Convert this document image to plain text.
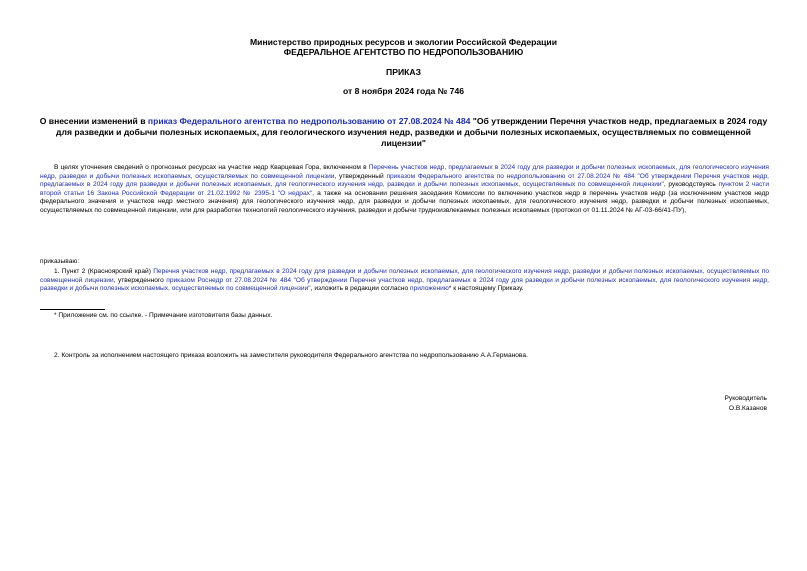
Министерство природных ресурсов и экологии Российской Федерации
ФЕДЕРАЛЬНОЕ АГЕНТСТВО ПО НЕДРОПОЛЬЗОВАНИЮ
ПРИКАЗ
от 8 ноября 2024 года № 746
О внесении изменений в приказ Федерального агентства по недропользованию от 27.08.2024 № 484 "Об утверждении Перечня участков недр, предлагаемых в 2024 году для разведки и добычи полезных ископаемых, для геологического изучения недр, разведки и добычи полезных ископаемых, осуществляемых по совмещенной лицензии"
В целях уточнения сведений о прогнозных ресурсах на участке недр Кварцевая Гора, включенном в Перечень участков недр, предлагаемых в 2024 году для разведки и добычи полезных ископаемых, для геологического изучения недр, разведки и добычи полезных ископаемых, осуществляемых по совмещенной лицензии, утвержденный приказом Федерального агентства по недропользованию от 27.08.2024 № 484 "Об утверждении Перечня участков недр, предлагаемых в 2024 году для разведки и добычи полезных ископаемых, для геологического изучения недр, разведки и добычи полезных ископаемых, осуществляемых по совмещенной лицензии", руководствуясь пунктом 2 части второй статьи 16 Закона Российской Федерации от 21.02.1992 № 2395-1 "О недрах", а также на основании решения заседания Комиссии по включению участков недр в перечень участков недр (за исключением участков недр федерального значения и участков недр местного значения) для геологического изучения недр, для разведки и добычи полезных ископаемых, для геологического изучения недр, разведки и добычи полезных ископаемых, осуществляемых по совмещенной лицензии, или для разработки технологий геологического изучения, разведки и добычи трудноизвлекаемых полезных ископаемых (протокол от 01.11.2024 № АГ-03-66/41-ПУ),
приказываю:
1. Пункт 2 (Красноярский край) Перечня участков недр, предлагаемых в 2024 году для разведки и добычи полезных ископаемых, для геологического изучения недр, разведки и добычи полезных ископаемых, осуществляемых по совмещенной лицензии, утвержденного приказом Роснедр от 27.08.2024 № 484 "Об утверждении Перечня участков недр, предлагаемых в 2024 году для разведки и добычи полезных ископаемых, для геологического изучения недр, разведки и добычи полезных ископаемых, осуществляемых по совмещенной лицензии", изложить в редакции согласно приложению* к настоящему Приказу.
* Приложение см. по ссылке. - Примечание изготовителя базы данных.
2. Контроль за исполнением настоящего приказа возложить на заместителя руководителя Федерального агентства по недропользованию А.А.Германова.
Руководитель
О.В.Казанов
